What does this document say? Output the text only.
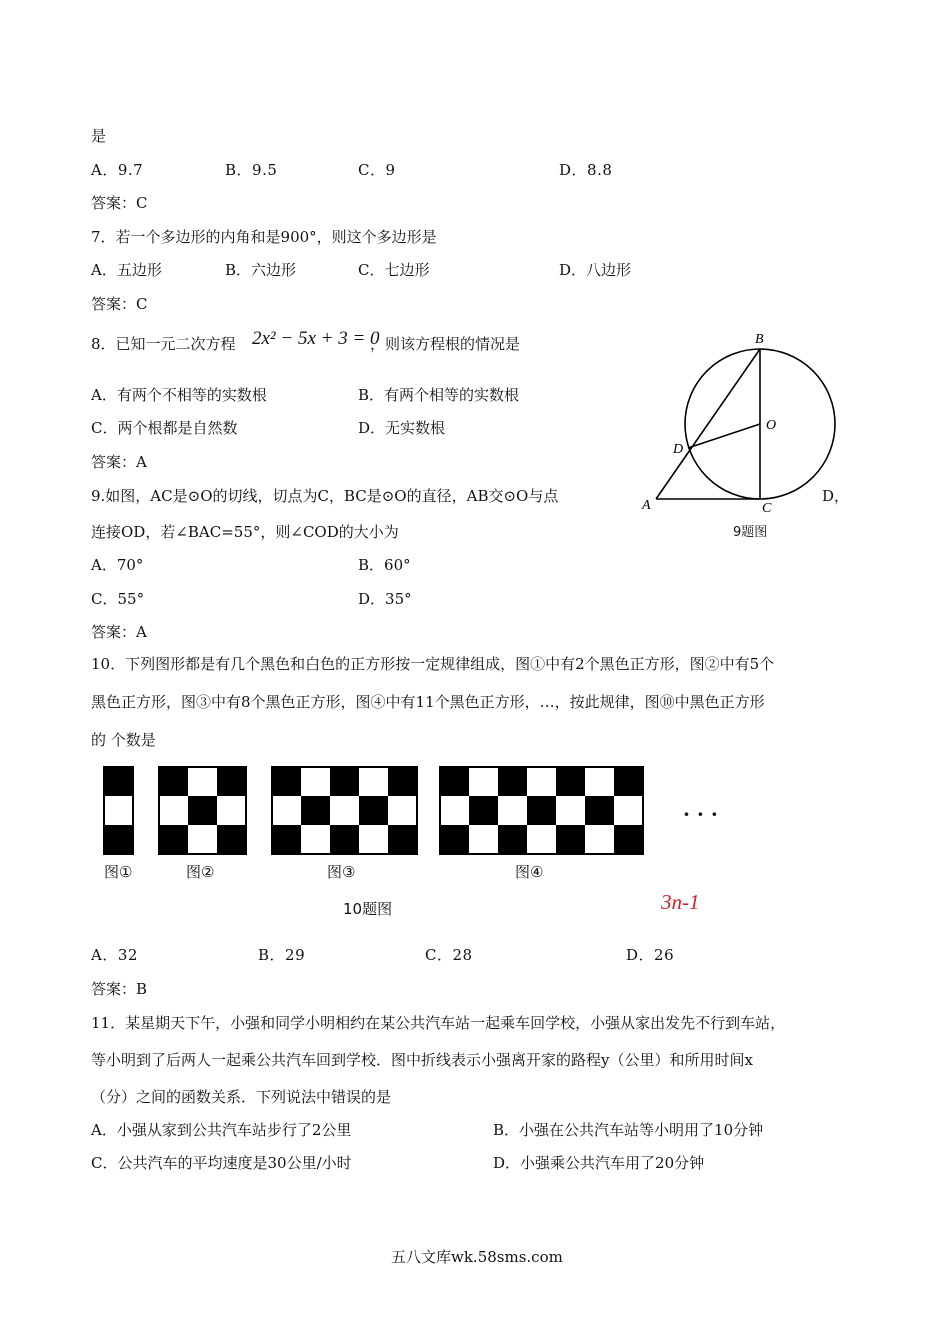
是
A．9.7	B．9.5	C．9	D．8.8
答案：C
7．若一个多边形的内角和是900°，则这个多边形是
A．五边形	B．六边形	C．七边形	D．八边形
答案：C
8．已知一元二次方程 2x² − 5x + 3 = 0
，则该方程根的情况是
A．有两个不相等的实数根	B．有两个相等的实数根
C．两个根都是自然数	D．无实数根
答案：A
B
O
D
A	C
9题图
9.如图，AC是⊙O的切线，切点为C，BC是⊙O的直径，AB交⊙O与点	D，
连接OD，若∠BAC=55°，则∠COD的大小为
A．70°	B．60°
C．55°	D．35°
答案：A
10．下列图形都是有几个黑色和白色的正方形按一定规律组成，图①中有2个黑色正方形，图②中有5个
黑色正方形，图③中有8个黑色正方形，图④中有11个黑色正方形，…，按此规律，图⑩中黑色正方形
的 个数是
图①	图②	图③	图④
· · ·
10题图	3n-1
A．32	B．29	C．28	D．26
答案：B
11．某星期天下午，小强和同学小明相约在某公共汽车站一起乘车回学校，小强从家出发先不行到车站，
等小明到了后两人一起乘公共汽车回到学校．图中折线表示小强离开家的路程y（公里）和所用时间x
（分）之间的函数关系．下列说法中错误的是
A．小强从家到公共汽车站步行了2公里	B．小强在公共汽车站等小明用了10分钟
C．公共汽车的平均速度是30公里/小时	D．小强乘公共汽车用了20分钟
五八文库wk.58sms.com
